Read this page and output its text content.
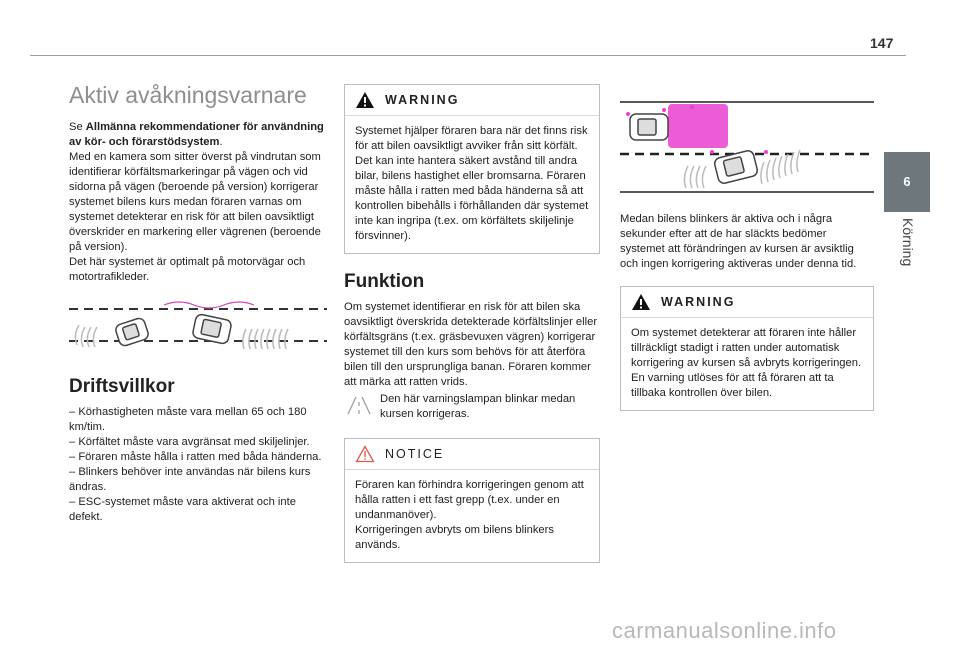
147
6
Körning
Aktiv avåkningsvarnare

Se Allmänna rekommendationer för användning av kör- och förarstödsystem.

Med en kamera som sitter överst på vindrutan som identifierar körfältsmarkeringar på vägen och vid sidorna på vägen (beroende på version) korrigerar systemet bilens kurs medan föraren varnas om systemet detekterar en risk för att bilen oavsiktligt överskrider en markering eller vägrenen (beroende på version).

Det här systemet är optimalt på motorvägar och motortrafikleder.

Driftsvillkor

– Körhastigheten måste vara mellan 65 och 180 km/tim.

– Körfältet måste vara avgränsat med skiljelinjer.

– Föraren måste hålla i ratten med båda händerna.

– Blinkers behöver inte användas när bilens kurs ändras.

– ESC-systemet måste vara aktiverat och inte defekt.

WARNING

Systemet hjälper föraren bara när det finns risk för att bilen oavsiktligt avviker från sitt körfält. Det kan inte hantera säkert avstånd till andra bilar, bilens hastighet eller bromsarna. Föraren måste hålla i ratten med båda händerna så att kontrollen bibehålls i förhållanden där systemet inte kan ingripa (t.ex. om körfältets skiljelinje försvinner).

Funktion

Om systemet identifierar en risk för att bilen ska oavsiktligt överskrida detekterade körfältslinjer eller körfältsgräns (t.ex. gräsbevuxen vägren) korrigerar systemet till den kurs som behövs för att återföra bilen till den ursprungliga banan. Föraren kommer att märka att ratten vrids.

Den här varningslampan blinkar medan kursen korrigeras.

NOTICE

Föraren kan förhindra korrigeringen genom att hålla ratten i ett fast grepp (t.ex. under en undanmanöver).

Korrigeringen avbryts om bilens blinkers används.

Medan bilens blinkers är aktiva och i några sekunder efter att de har släckts bedömer systemet att förändringen av kursen är avsiktlig och ingen korrigering aktiveras under denna tid.

WARNING

Om systemet detekterar att föraren inte håller tillräckligt stadigt i ratten under automatisk korrigering av kursen så avbryts korrigeringen. En varning utlöses för att få föraren att ta tillbaka kontrollen över bilen.

carmanualsonline.info
